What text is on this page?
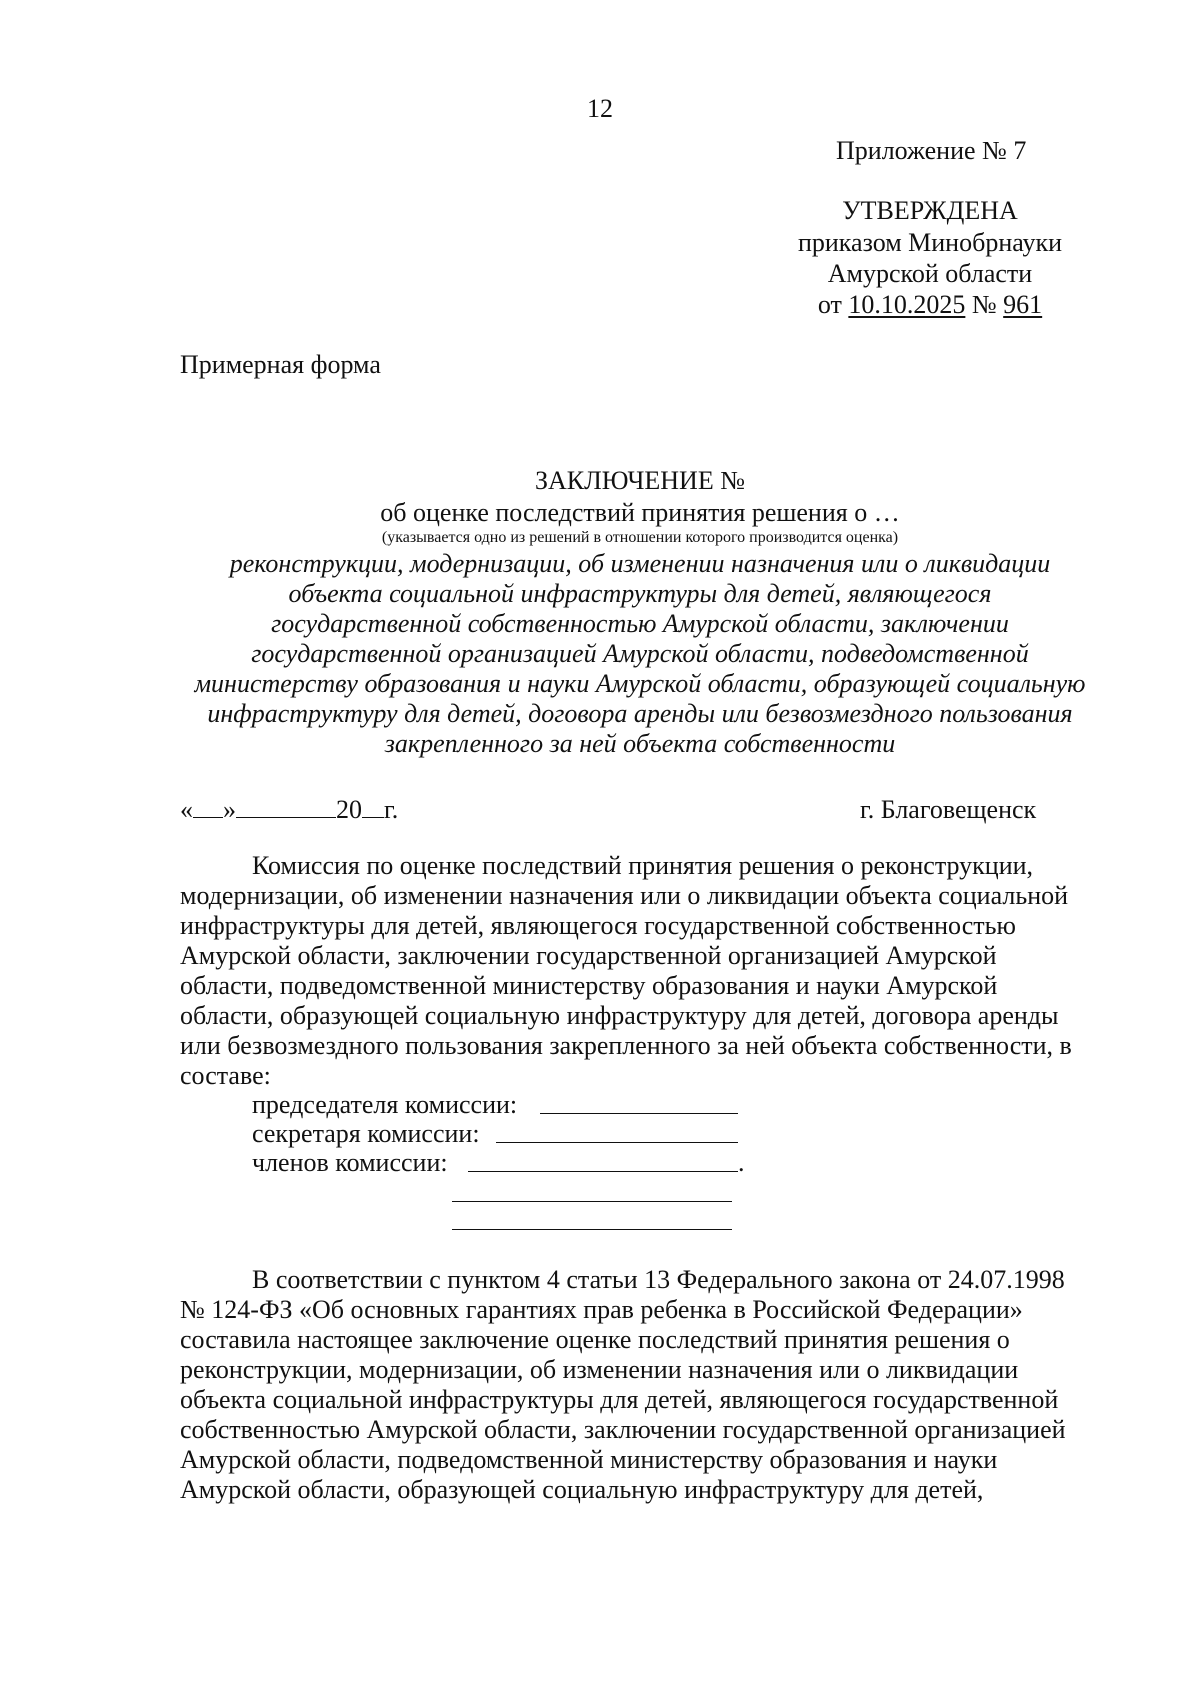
12
Приложение № 7
УТВЕРЖДЕНА
приказом Минобрнауки
Амурской области
от 10.10.2025 № 961
Примерная форма
ЗАКЛЮЧЕНИЕ №
об оценке последствий принятия решения о …
(указывается одно из решений в отношении которого производится оценка)
реконструкции, модернизации, об изменении назначения или о ликвидации
объекта социальной инфраструктуры для детей, являющегося
государственной собственностью Амурской области, заключении
государственной организацией Амурской области, подведомственной
министерству образования и науки Амурской области, образующей социальную
инфраструктуру для детей, договора аренды или безвозмездного пользования
закрепленного за ней объекта собственности
« »	20 г.	г. Благовещенск
Комиссия по оценке последствий принятия решения о реконструкции,
модернизации, об изменении назначения или о ликвидации объекта социальной
инфраструктуры для детей, являющегося государственной собственностью
Амурской области, заключении государственной организацией Амурской
области, подведомственной министерству образования и науки Амурской
области, образующей социальную инфраструктуру для детей, договора аренды
или безвозмездного пользования закрепленного за ней объекта собственности, в
составе:
председателя комиссии:
секретаря комиссии:
членов комиссии:	.
В соответствии с пунктом 4 статьи 13 Федерального закона от 24.07.1998
№ 124-ФЗ «Об основных гарантиях прав ребенка в Российской Федерации»
составила настоящее заключение оценке последствий принятия решения о
реконструкции, модернизации, об изменении назначения или о ликвидации
объекта социальной инфраструктуры для детей, являющегося государственной
собственностью Амурской области, заключении государственной организацией
Амурской области, подведомственной министерству образования и науки
Амурской области, образующей социальную инфраструктуру для детей,
